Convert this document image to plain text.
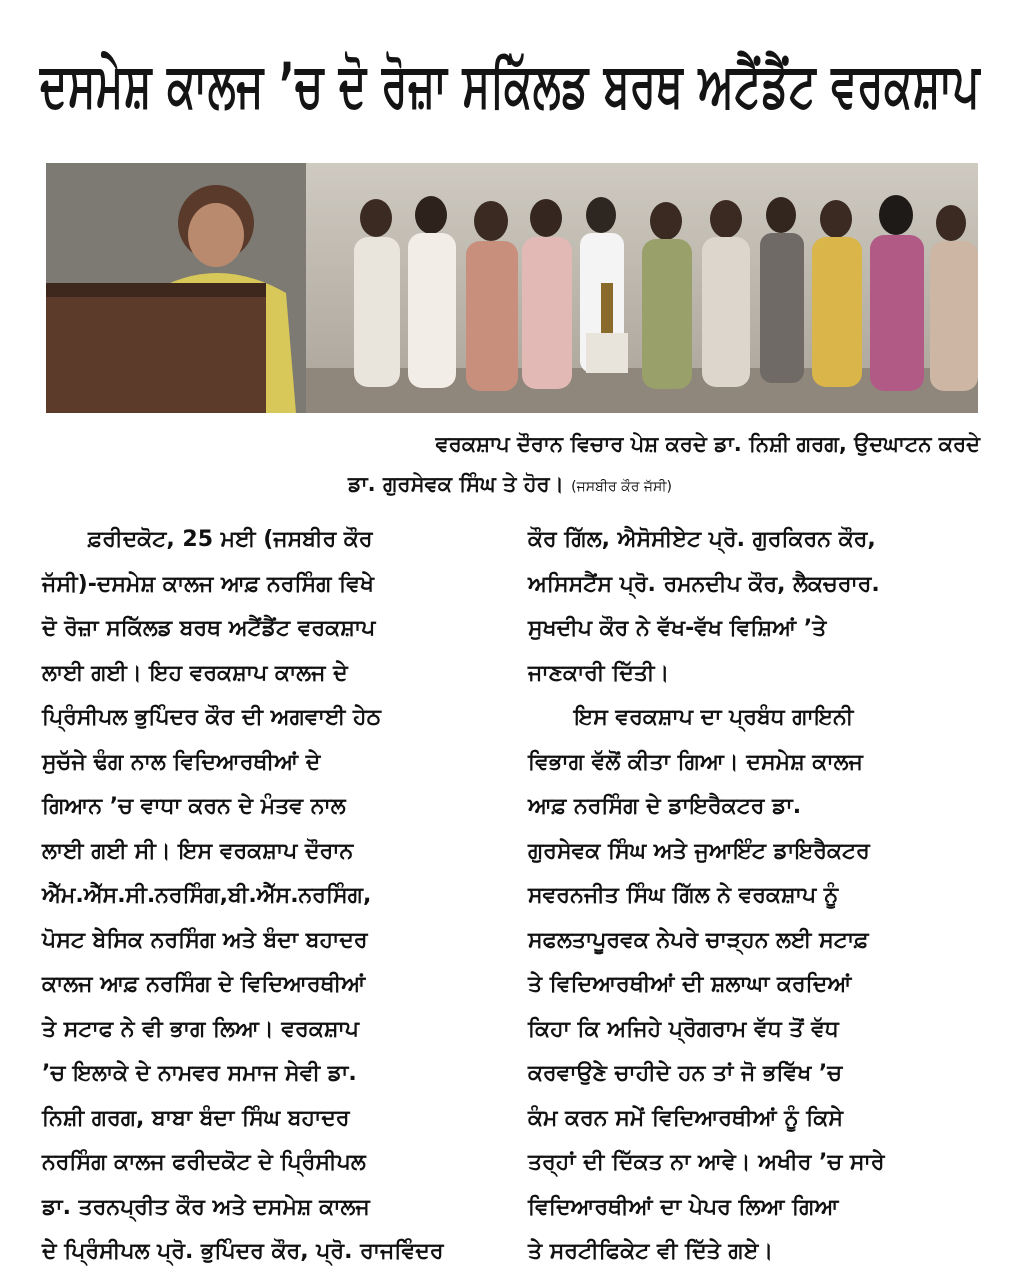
ਦਸਮੇਸ਼ ਕਾਲਜ ’ਚ ਦੋ ਰੋਜ਼ਾ ਸਕਿੱਲਡ ਬਰਥ ਅਟੈਂਡੈਂਟ ਵਰਕਸ਼ਾਪ
ਵਰਕਸ਼ਾਪ ਦੌਰਾਨ ਵਿਚਾਰ ਪੇਸ਼ ਕਰਦੇ ਡਾ. ਨਿਸ਼ੀ ਗਰਗ, ਉਦਘਾਟਨ ਕਰਦੇ
ਡਾ. ਗੁਰਸੇਵਕ ਸਿੰਘ ਤੇ ਹੋਰ। (ਜਸਬੀਰ ਕੌਰ ਜੱਸੀ)
ਫ਼ਰੀਦਕੋਟ, 25 ਮਈ (ਜਸਬੀਰ ਕੌਰ
ਜੱਸੀ)-ਦਸਮੇਸ਼ ਕਾਲਜ ਆਫ਼ ਨਰਸਿੰਗ ਵਿਖੇ
ਦੋ ਰੋਜ਼ਾ ਸਕਿੱਲਡ ਬਰਥ ਅਟੈਂਡੈਂਟ ਵਰਕਸ਼ਾਪ
ਲਾਈ ਗਈ। ਇਹ ਵਰਕਸ਼ਾਪ ਕਾਲਜ ਦੇ
ਪ੍ਰਿੰਸੀਪਲ ਭੁਪਿੰਦਰ ਕੌਰ ਦੀ ਅਗਵਾਈ ਹੇਠ
ਸੁਚੱਜੇ ਢੰਗ ਨਾਲ ਵਿਦਿਆਰਥੀਆਂ ਦੇ
ਗਿਆਨ ’ਚ ਵਾਧਾ ਕਰਨ ਦੇ ਮੰਤਵ ਨਾਲ
ਲਾਈ ਗਈ ਸੀ। ਇਸ ਵਰਕਸ਼ਾਪ ਦੌਰਾਨ
ਐੱਮ.ਐੱਸ.ਸੀ.ਨਰਸਿੰਗ,ਬੀ.ਐੱਸ.ਨਰਸਿੰਗ,
ਪੋਸਟ ਬੇਸਿਕ ਨਰਸਿੰਗ ਅਤੇ ਬੰਦਾ ਬਹਾਦਰ
ਕਾਲਜ ਆਫ਼ ਨਰਸਿੰਗ ਦੇ ਵਿਦਿਆਰਥੀਆਂ
ਤੇ ਸਟਾਫ ਨੇ ਵੀ ਭਾਗ ਲਿਆ। ਵਰਕਸ਼ਾਪ
’ਚ ਇਲਾਕੇ ਦੇ ਨਾਮਵਰ ਸਮਾਜ ਸੇਵੀ ਡਾ.
ਨਿਸ਼ੀ ਗਰਗ, ਬਾਬਾ ਬੰਦਾ ਸਿੰਘ ਬਹਾਦਰ
ਨਰਸਿੰਗ ਕਾਲਜ ਫਰੀਦਕੋਟ ਦੇ ਪ੍ਰਿੰਸੀਪਲ
ਡਾ. ਤਰਨਪ੍ਰੀਤ ਕੌਰ ਅਤੇ ਦਸਮੇਸ਼ ਕਾਲਜ
ਦੇ ਪ੍ਰਿੰਸੀਪਲ ਪ੍ਰੋ. ਭੁਪਿੰਦਰ ਕੌਰ, ਪ੍ਰੋ. ਰਾਜਵਿੰਦਰ
ਕੌਰ ਗਿੱਲ, ਐਸੋਸੀਏਟ ਪ੍ਰੋ. ਗੁਰਕਿਰਨ ਕੌਰ,
ਅਸਿਸਟੈਂਸ ਪ੍ਰੋ. ਰਮਨਦੀਪ ਕੌਰ, ਲੈਕਚਰਾਰ.
ਸੁਖਦੀਪ ਕੌਰ ਨੇ ਵੱਖ-ਵੱਖ ਵਿਸ਼ਿਆਂ ’ਤੇ
ਜਾਣਕਾਰੀ ਦਿੱਤੀ।
ਇਸ ਵਰਕਸ਼ਾਪ ਦਾ ਪ੍ਰਬੰਧ ਗਾਇਨੀ
ਵਿਭਾਗ ਵੱਲੋਂ ਕੀਤਾ ਗਿਆ। ਦਸਮੇਸ਼ ਕਾਲਜ
ਆਫ਼ ਨਰਸਿੰਗ ਦੇ ਡਾਇਰੈਕਟਰ ਡਾ.
ਗੁਰਸੇਵਕ ਸਿੰਘ ਅਤੇ ਜੁਆਇੰਟ ਡਾਇਰੈਕਟਰ
ਸਵਰਨਜੀਤ ਸਿੰਘ ਗਿੱਲ ਨੇ ਵਰਕਸ਼ਾਪ ਨੂੰ
ਸਫਲਤਾਪੂਰਵਕ ਨੇਪਰੇ ਚਾੜ੍ਹਨ ਲਈ ਸਟਾਫ਼
ਤੇ ਵਿਦਿਆਰਥੀਆਂ ਦੀ ਸ਼ਲਾਘਾ ਕਰਦਿਆਂ
ਕਿਹਾ ਕਿ ਅਜਿਹੇ ਪ੍ਰੋਗਰਾਮ ਵੱਧ ਤੋਂ ਵੱਧ
ਕਰਵਾਉਣੇ ਚਾਹੀਦੇ ਹਨ ਤਾਂ ਜੋ ਭਵਿੱਖ ’ਚ
ਕੰਮ ਕਰਨ ਸਮੇਂ ਵਿਦਿਆਰਥੀਆਂ ਨੂੰ ਕਿਸੇ
ਤਰ੍ਹਾਂ ਦੀ ਦਿੱਕਤ ਨਾ ਆਵੇ। ਅਖੀਰ ’ਚ ਸਾਰੇ
ਵਿਦਿਆਰਥੀਆਂ ਦਾ ਪੇਪਰ ਲਿਆ ਗਿਆ
ਤੇ ਸਰਟੀਫਿਕੇਟ ਵੀ ਦਿੱਤੇ ਗਏ।
